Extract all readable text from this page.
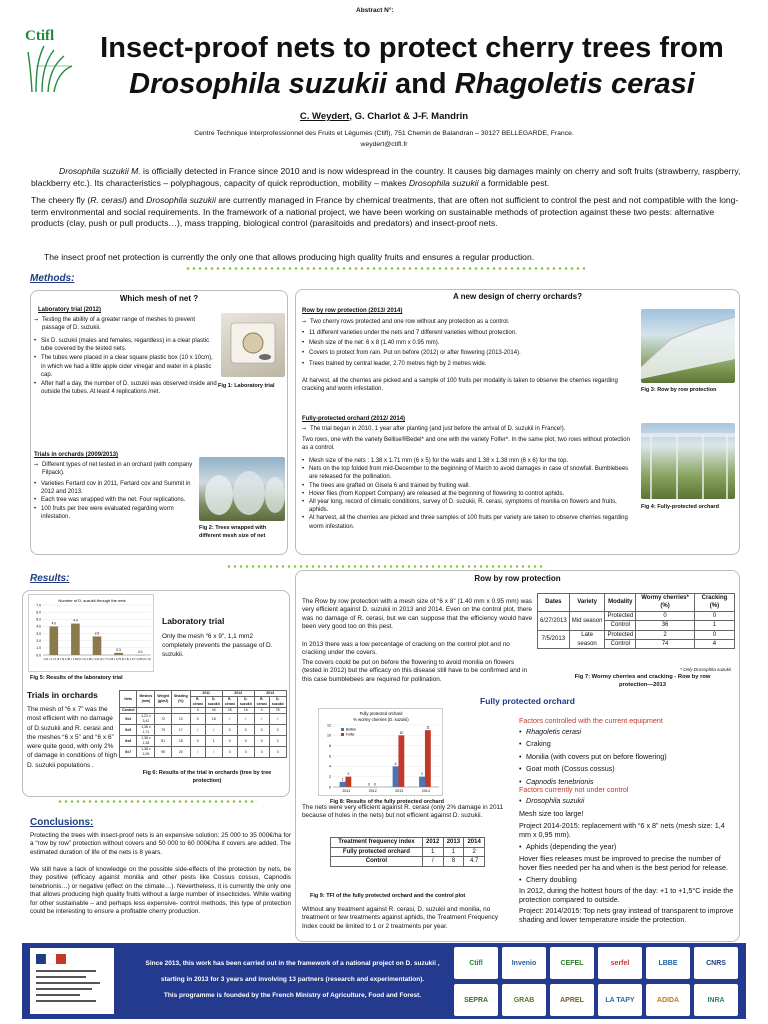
Abstract N°:
Ctifl Insect-proof nets to protect cherry trees from
Drosophila suzukii and Rhagoletis cerasi
C. Weydert, G. Charlot & J-F. Mandrin
Centre Technique Interprofessionnel des Fruits et Légumes (Ctifl), 751 Chemin de Balandran – 30127 BELLEGARDE, France.
weydert@ctifl.fr
Drosophila suzukii M. is officially detected in France since 2010 and is now widespread in the country. It causes big damages mainly on cherry and soft fruits (strawberry, raspberry, blackberry etc.). Its characteristics – polyphagous, capacity of quick reproduction, mobility – makes Drosophila suzukii a formidable pest.
The cheery fly (R. cerasi) and Drosophila suzukii are currently managed in France by chemical treatments, that are often not sufficient to control the pest and not compatible with the long-term environmental and social requirements. In the framework of a national project, we have been working on sustainable methods of protection against these two pests: alternative products (clay, push or pull products…), mass trapping, biological control (parasitoids and predators) and insect-proof nets.
The insect proof net protection is currently the only one that allows producing high quality fruits and ensures a regular production.
Methods:
Which mesh of net ?
Laboratory trial (2012)
⇒ Testing the ability of a greater range of meshes to prevent passage of D. suzukii.
• Six D. suzukii (males and females, regardless) in a clear plastic tube covered by the tested nets.
• The tubes were placed in a clear square plastic box (10 x 10cm), in which we had a little apple cider vinegar and water in a plastic cap.
• After half a day, the number of D. suzukii was observed inside and outside the tubes. At least 4 replications /net.
Fig 1: Laboratory trial
Trials in orchards (2009/2013)
⇒ Different types of net tested in an orchard (with company Filpack).
• Varieties Fertard cov in 2011, Fertard cov and Summit in 2012 and 2013.
• Each tree was wrapped with the net. Four replications.
• 100 fruits per tree were evaluated regarding worm infestation.
Fig 2: Trees wrapped with different mesh size of net
A new design of cherry orchards?
Row by row protection (2013/ 2014)
⇒ Two cherry rows protected and one row without any protection as a control.
• 11 different varieties under the nets and 7 different varieties without protection.
• Mesh size of the net: 6 x 8 (1.40 mm x 0.95 mm).
• Covers to protect from rain. Put on before (2012) or after flowering (2013-2014).
• Trees trained by central leader, 2.70 metres high by 2 metres wide.
At harvest, all the cherries are picked and a sample of 100 fruits per modality is taken to observe the cherries regarding cracking and worm infestation.	Fig 3: Row by row protection
Fully-protected orchard (2012/ 2014)
⇒ The trial began in 2010, 1 year after planting (and just before the arrival of D. suzukii in France!).
Two rows, one with the variety Bellise®Bedel* and one with the variety Folfer*. In the same plot, two rows without protection as a control.
• Mesh size of the nets : 1.38 x 1.71 mm (6 x 5) for the walls and 1.38 x 1.38 mm (6 x 6) for the top.
• Nets on the top folded from mid-December to the beginning of March to avoid damages in case of snowfall. Bumblebees are released for the pollination.
• The trees are grafted on Gisela 6 and trained by fruiting wall.
• Hover flies (from Koppert Company) are released at the beginning of flowering to control aphids.
• All year long, record of climatic conditions, survey of D. suzukii, R. cerasi, symptoms of monilia on flowers and fruits, aphids.
• At harvest, all the cherries are picked and three samples of 100 fruits per variety are taken to observe cherries regarding worm infestation.
Fig 4: Fully-protected orchard
Results:
Number of D. suzukii through the nets
0.0
1.0
2.0
3.0
4.0
5.0
6.0
7.0
4.0
1,21 x 1,71 (6 x 5)
4.4
1,38 x 1,38 (6 x 6)
2.6
1,38 x 1,21 (6 x 7)
0.3
1,06 x 0,79 (6 x 8)
0.0
1,27 x 0,85 (6 x 9)
Fig 5: Results of the laboratory trial
Laboratory trial
Only the mesh “6 x 9”, 1,1 mm2 completely prevents the passage of D. suzukii.
Trials in orchards
The mesh of “6 x 7” was the most efficient with no damage of D.suzukii and R. cerasi and the meshes “6 x 5” and “6 x 6” were quite good, with only 2% of damage in conditions of high D. suzukii populations .
Nets	Meshes (mm)	Weight (g/m2)	Shading (%)	2011		2012		2013	
				R. cerasi	D. suzukii	R. cerasi	D. suzukii	R. cerasi	D. suzukii
Control				3	40	25	16	0	78
5x4	1,21 x 3,42	72	10	0	18	/	/	/	/
6x5	1,38 x 1,71	79	17	/	/	0	0	0	2
6x6	1,38 x 1,38	81	18	0	1	0	0	0	2
6x7	1,38 x 1,06	95	20	/	/	0	0	0	0
Fig 6: Results of the trial in orchards (tree by tree protection)
Conclusions:
Protecting the trees with insect-proof nets is an expensive solution: 25 000 to 35 000€/ha for a “row by row” protection without covers and 50 000 to 60 000€/ha if covers are added. The estimated duration of life of the nets is 8 years.
We still have a lack of knowledge on the possible side-effects of the protection by nets, be they positive (efficacy against monilia and other pests like Cossus cossus, Capnodis tenebrionis…) or negative (effect on the climate…). Nevertheless, it is currently the only one that allows producing high quality fruits without a large number of insecticides. While waiting for other sustainable – and perhaps less expensive- control methods, this type of protection could be interesting to ensure a profitable cherry production.
Row by row protection
The Row by row protection with a mesh size of “6 x 8” (1.40 mm x 0.95 mm) was very efficient against D. suzukii in 2013 and 2014. Even on the control plot, there was no damage of R. cerasi, but we can suppose that the efficiency would have been very good too on this pest.
In 2013 there was a low percentage of cracking on the control plot and no cracking under the covers.
The covers could be put on before the flowering to avoid monilia on flowers (tested in 2012) but the efficacy on this disease still have to be confirmed and in this case bumblebees are required for pollination.
Dates	Variety	Modality	Wormy cherries* (%)	Cracking (%)
6/27/2013	Mid season	Protected	0	0
		Control	36	1
7/5/2013	Late season	Protected	2	0
		Control	74	4
* Only Drosophila suzukii
Fig 7: Wormy cherries and cracking - Row by row protection—2013
Fully protected orchard
Fully protected orchard
% wormy cherries (D. suzukii)
0
2
4
6
8
10
12
1
0
4
2
Bellise
2
0
10
11
Folfer
2011	2012	2013	2014
Fig 8: Results of the fully protected orchard
The nets were very efficient against R. cerasi (only 2% damage in 2011 because of holes in the nets) but not efficient against D. suzukii.
Treatment frequency index	2012	2013	2014
Fully protected orchard	1	1	2
Control	/	8	4.7
Fig 9: TFI of the fully protected orchard and the control plot
Without any treatment against R. cerasi, D. suzukii and monilia, no treatment or few treatments against aphids, the Treatment Frequency Index could be limited to 1 or 2 treatments per year.
Factors controlled with the current equipment
• Rhagoletis cerasi
• Craking
• Monilia (with covers put on before flowering)
• Goat moth (Cossus cossus)
• Capnodis tenebrionis
Factors currently not under control
• Drosophila suzukii
Mesh size too large!
Project 2014-2015: replacement with “6 x 8” nets (mesh size: 1,4 mm x 0,95 mm).
• Aphids (depending the year)
Hover flies releases must be improved to precise the number of hover flies needed per ha and when is the best period for release.
• Cherry doubling
In 2012, during the hottest hours of the day: +1 to +1,5°C inside the protection compared to outside.
Project: 2014/2015: Top nets gray instead of transparent to improve shading and lower temperature inside the protection.
Since 2013, this work has been carried out in the framework of a national project on D. suzukii ,
starting in 2013 for 3 years and involving 13 partners (research and experimentation).
This programme is founded by the French Ministry of Agriculture, Food and Forest.
Ctifl	Invenio	CEFEL	serfel	LBBE	CNRS
SEPRA	GRAB	APREL	LA TAPY	ADIDA	INRA
